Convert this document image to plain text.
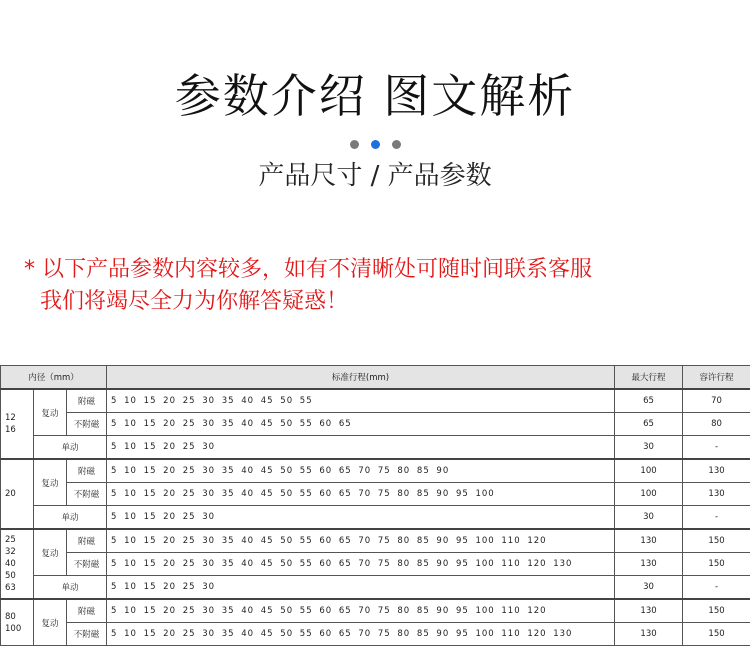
参数介绍 图文解析
产品尺寸 / 产品参数
* 以下产品参数内容较多，如有不清晰处可随时间联系客服
我们将竭尽全力为你解答疑惑！
内径（mm）			标准行程(mm)	最大行程	容许行程
12
16	复动	附磁	5 10 15 20 25 30 35 40 45 50 55	65	70
		不附磁	5 10 15 20 25 30 35 40 45 50 55 60 65	65	80
	单动		5 10 15 20 25 30	30	-
20	复动	附磁	5 10 15 20 25 30 35 40 45 50 55 60 65 70 75 80 85 90	100	130
		不附磁	5 10 15 20 25 30 35 40 45 50 55 60 65 70 75 80 85 90 95 100	100	130
	单动		5 10 15 20 25 30	30	-
25
32
40
50
63	复动	附磁	5 10 15 20 25 30 35 40 45 50 55 60 65 70 75 80 85 90 95 100 110 120	130	150
		不附磁	5 10 15 20 25 30 35 40 45 50 55 60 65 70 75 80 85 90 95 100 110 120 130	130	150
	单动		5 10 15 20 25 30	30	-
80
100	复动	附磁	5 10 15 20 25 30 35 40 45 50 55 60 65 70 75 80 85 90 95 100 110 120	130	150
		不附磁	5 10 15 20 25 30 35 40 45 50 55 60 65 70 75 80 85 90 95 100 110 120 130	130	150
